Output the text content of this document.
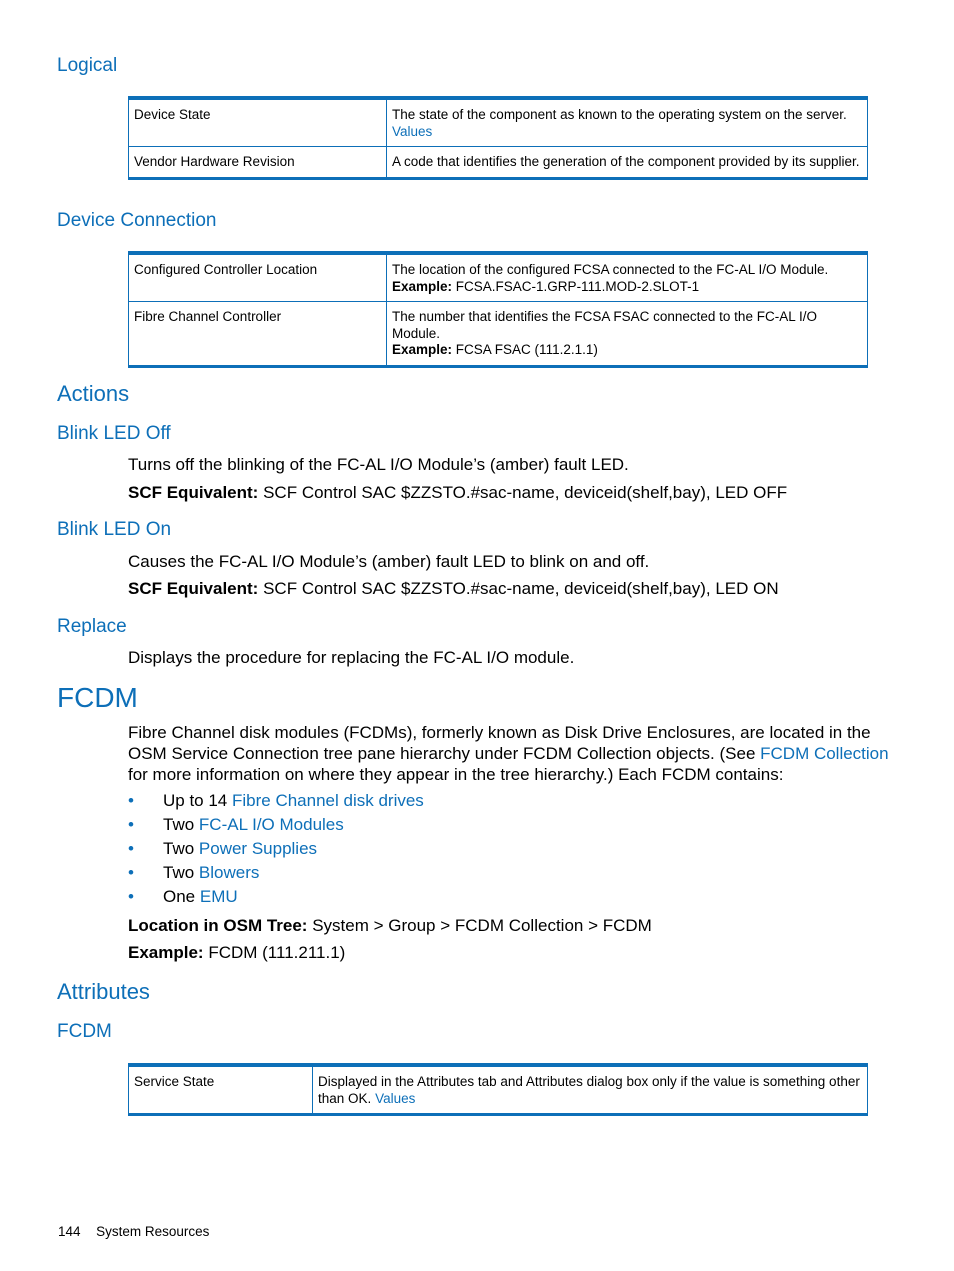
Logical
Device State	The state of the component as known to the operating system on the server.
Values
Vendor Hardware Revision	A code that identifies the generation of the component provided by its supplier.
Device Connection
Configured Controller Location	The location of the configured FCSA connected to the FC-AL I/O Module.
Example: FCSA.FSAC-1.GRP-111.MOD-2.SLOT-1
Fibre Channel Controller	The number that identifies the FCSA FSAC connected to the FC-AL I/O Module.
Example: FCSA FSAC (111.2.1.1)
Actions
Blink LED Off
Turns off the blinking of the FC-AL I/O Module’s (amber) fault LED.
SCF Equivalent: SCF Control SAC $ZZSTO.#sac-name, deviceid(shelf,bay), LED OFF
Blink LED On
Causes the FC-AL I/O Module’s (amber) fault LED to blink on and off.
SCF Equivalent: SCF Control SAC $ZZSTO.#sac-name, deviceid(shelf,bay), LED ON
Replace
Displays the procedure for replacing the FC-AL I/O module.
FCDM
Fibre Channel disk modules (FCDMs), formerly known as Disk Drive Enclosures, are located in the
OSM Service Connection tree pane hierarchy under FCDM Collection objects. (See FCDM Collection
for more information on where they appear in the tree hierarchy.) Each FCDM contains:
• Up to 14 Fibre Channel disk drives
• Two FC-AL I/O Modules
• Two Power Supplies
• Two Blowers
• One EMU
Location in OSM Tree: System > Group > FCDM Collection > FCDM
Example: FCDM (111.211.1)
Attributes
FCDM
Service State	Displayed in the Attributes tab and Attributes dialog box only if the value is something other than OK. Values
144 System Resources
